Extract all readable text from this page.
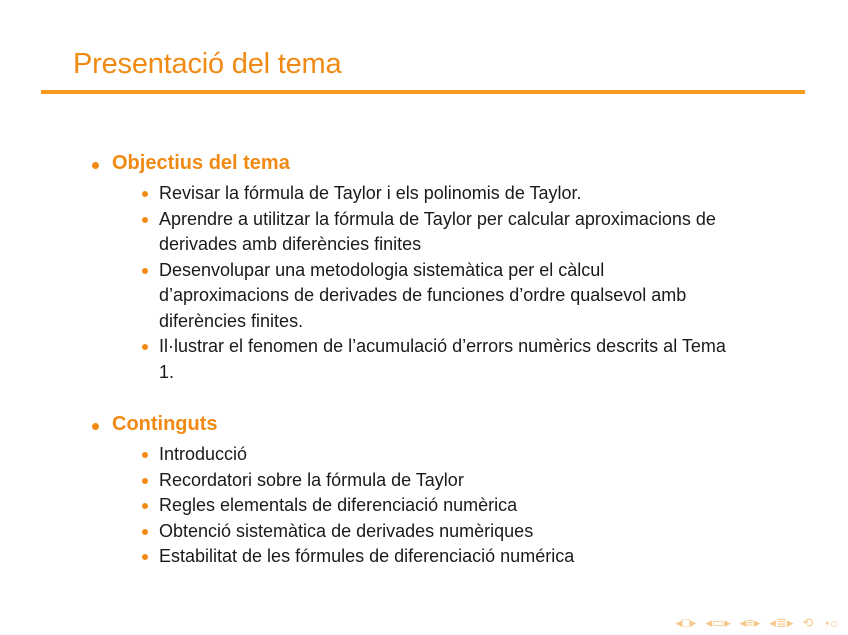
Presentació del tema
Objectius del tema
Revisar la fórmula de Taylor i els polinomis de Taylor.
Aprendre a utilitzar la fórmula de Taylor per calcular aproximacions de derivades amb diferències finites
Desenvolupar una metodologia sistemàtica per el càlcul d’aproximacions de derivades de funciones d’ordre qualsevol amb diferències finites.
Il·lustrar el fenomen de l’acumulació d’errors numèrics descrits al Tema 1.
Continguts
Introducció
Recordatori sobre la fórmula de Taylor
Regles elementals de diferenciació numèrica
Obtenció sistemàtica de derivades numèriques
Estabilitat de les fórmules de diferenciació numérica
◂□▸ ◂▭▸ ◂≡▸ ◂≣▸ ⟲ ◔○
